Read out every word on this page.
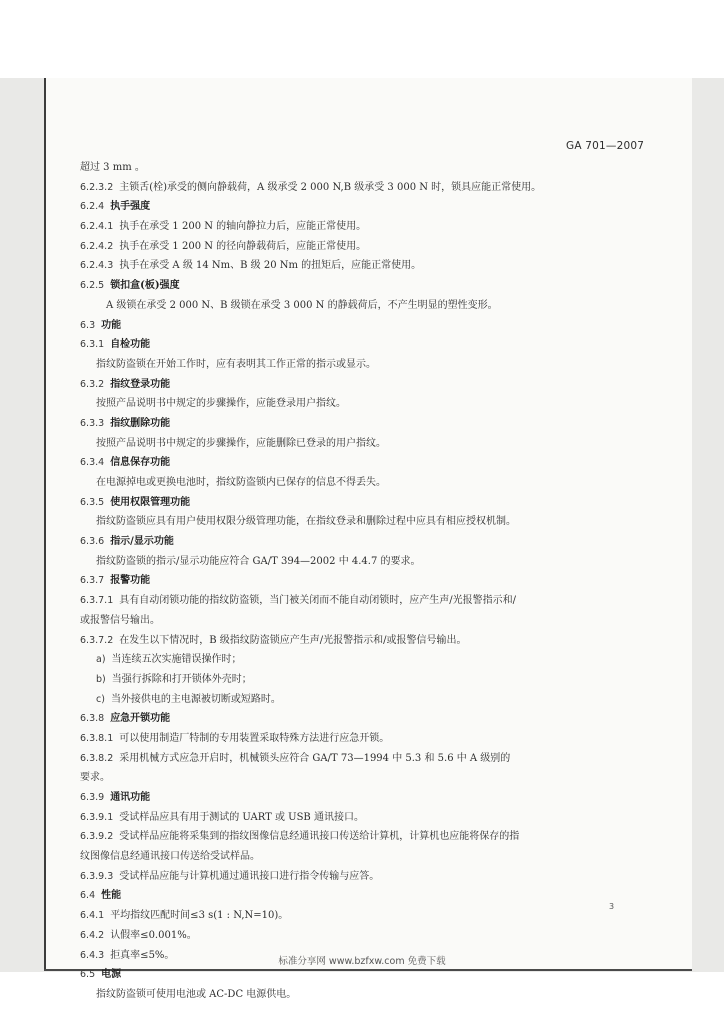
GA 701—2007
超过 3 mm 。
6.2.3.2 主锁舌(栓)承受的侧向静载荷，A 级承受 2 000 N,B 级承受 3 000 N 时，锁具应能正常使用。
6.2.4 执手强度
6.2.4.1 执手在承受 1 200 N 的轴向静拉力后，应能正常使用。
6.2.4.2 执手在承受 1 200 N 的径向静载荷后，应能正常使用。
6.2.4.3 执手在承受 A 级 14 Nm、B 级 20 Nm 的扭矩后，应能正常使用。
6.2.5 锁扣盒(板)强度
A 级锁在承受 2 000 N、B 级锁在承受 3 000 N 的静载荷后，不产生明显的塑性变形。
6.3 功能
6.3.1 自检功能
指纹防盗锁在开始工作时，应有表明其工作正常的指示或显示。
6.3.2 指纹登录功能
按照产品说明书中规定的步骤操作，应能登录用户指纹。
6.3.3 指纹删除功能
按照产品说明书中规定的步骤操作，应能删除已登录的用户指纹。
6.3.4 信息保存功能
在电源掉电或更换电池时，指纹防盗锁内已保存的信息不得丢失。
6.3.5 使用权限管理功能
指纹防盗锁应具有用户使用权限分级管理功能，在指纹登录和删除过程中应具有相应授权机制。
6.3.6 指示/显示功能
指纹防盗锁的指示/显示功能应符合 GA/T 394—2002 中 4.4.7 的要求。
6.3.7 报警功能
6.3.7.1 具有自动闭锁功能的指纹防盗锁，当门被关闭而不能自动闭锁时，应产生声/光报警指示和/
或报警信号输出。
6.3.7.2 在发生以下情况时，B 级指纹防盗锁应产生声/光报警指示和/或报警信号输出。
a) 当连续五次实施错误操作时；
b) 当强行拆除和打开锁体外壳时；
c) 当外接供电的主电源被切断或短路时。
6.3.8 应急开锁功能
6.3.8.1 可以使用制造厂特制的专用装置采取特殊方法进行应急开锁。
6.3.8.2 采用机械方式应急开启时，机械锁头应符合 GA/T 73—1994 中 5.3 和 5.6 中 A 级别的
要求。
6.3.9 通讯功能
6.3.9.1 受试样品应具有用于测试的 UART 或 USB 通讯接口。
6.3.9.2 受试样品应能将采集到的指纹图像信息经通讯接口传送给计算机，计算机也应能将保存的指
纹图像信息经通讯接口传送给受试样品。
6.3.9.3 受试样品应能与计算机通过通讯接口进行指令传输与应答。
6.4 性能
6.4.1 平均指纹匹配时间≤3 s(1 : N,N=10)。
6.4.2 认假率≤0.001%。
6.4.3 拒真率≤5%。
6.5 电源
指纹防盗锁可使用电池或 AC-DC 电源供电。
3
标准分享网 www.bzfxw.com 免费下载
